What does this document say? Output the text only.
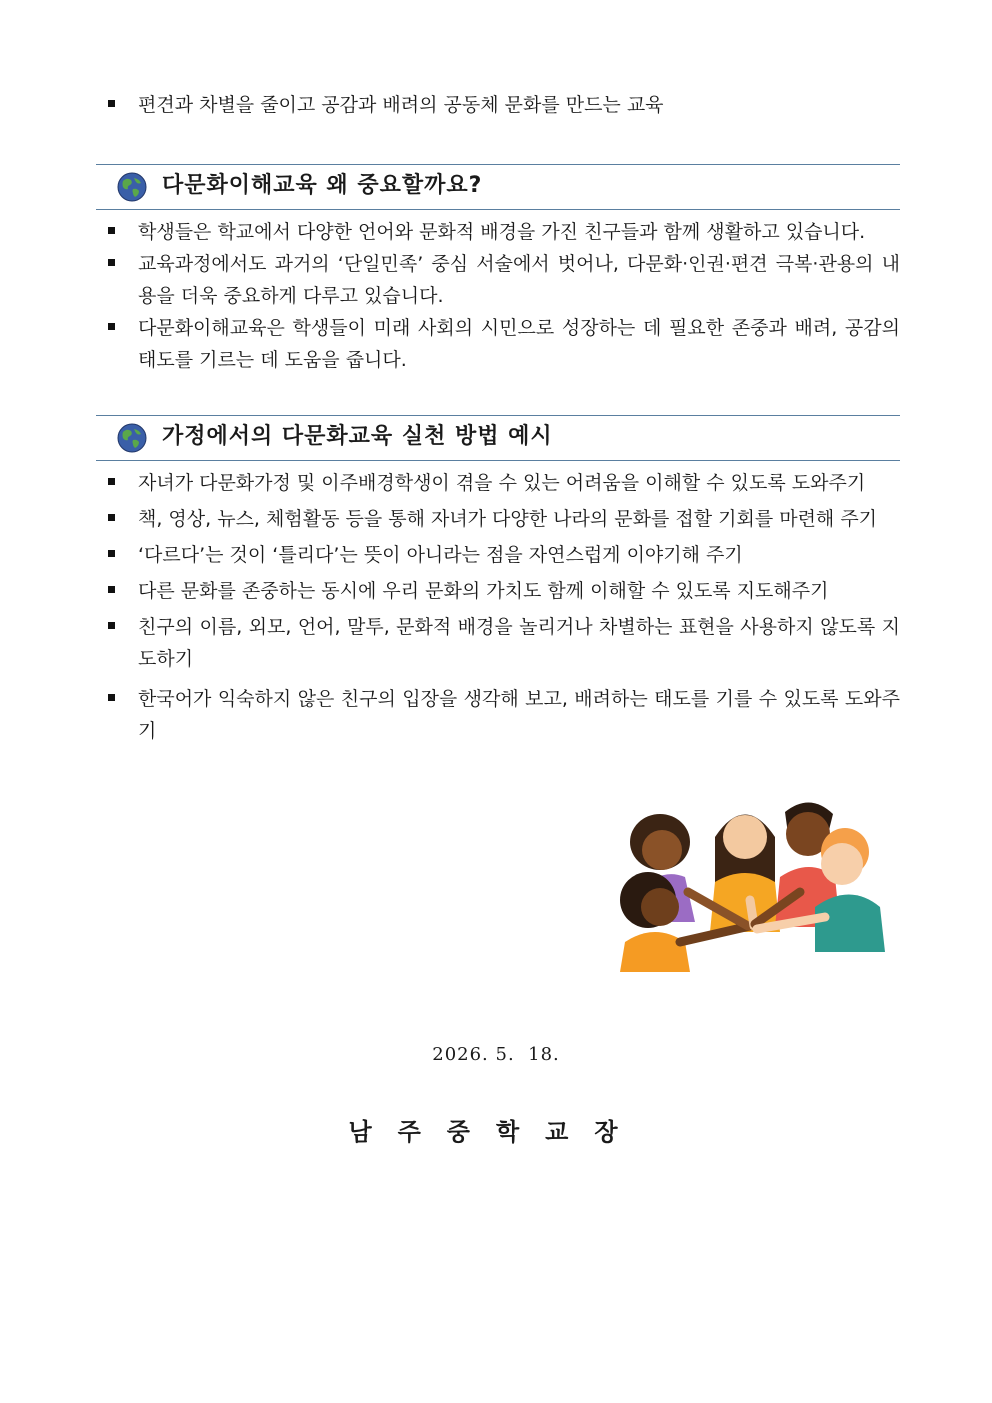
편견과 차별을 줄이고 공감과 배려의 공동체 문화를 만드는 교육
다문화이해교육 왜 중요할까요?
학생들은 학교에서 다양한 언어와 문화적 배경을 가진 친구들과 함께 생활하고 있습니다.
교육과정에서도 과거의 ‘단일민족’ 중심 서술에서 벗어나, 다문화·인권·편견 극복·관용의 내용을 더욱 중요하게 다루고 있습니다.
다문화이해교육은 학생들이 미래 사회의 시민으로 성장하는 데 필요한 존중과 배려, 공감의 태도를 기르는 데 도움을 줍니다.
가정에서의 다문화교육 실천 방법 예시
자녀가 다문화가정 및 이주배경학생이 겪을 수 있는 어려움을 이해할 수 있도록 도와주기
책, 영상, 뉴스, 체험활동 등을 통해 자녀가 다양한 나라의 문화를 접할 기회를 마련해 주기
‘다르다’는 것이 ‘틀리다’는 뜻이 아니라는 점을 자연스럽게 이야기해 주기
다른 문화를 존중하는 동시에 우리 문화의 가치도 함께 이해할 수 있도록 지도해주기
친구의 이름, 외모, 언어, 말투, 문화적 배경을 놀리거나 차별하는 표현을 사용하지 않도록 지도하기
한국어가 익숙하지 않은 친구의 입장을 생각해 보고, 배려하는 태도를 기를 수 있도록 도와주기
2026. 5.  18.
남주중학교장
